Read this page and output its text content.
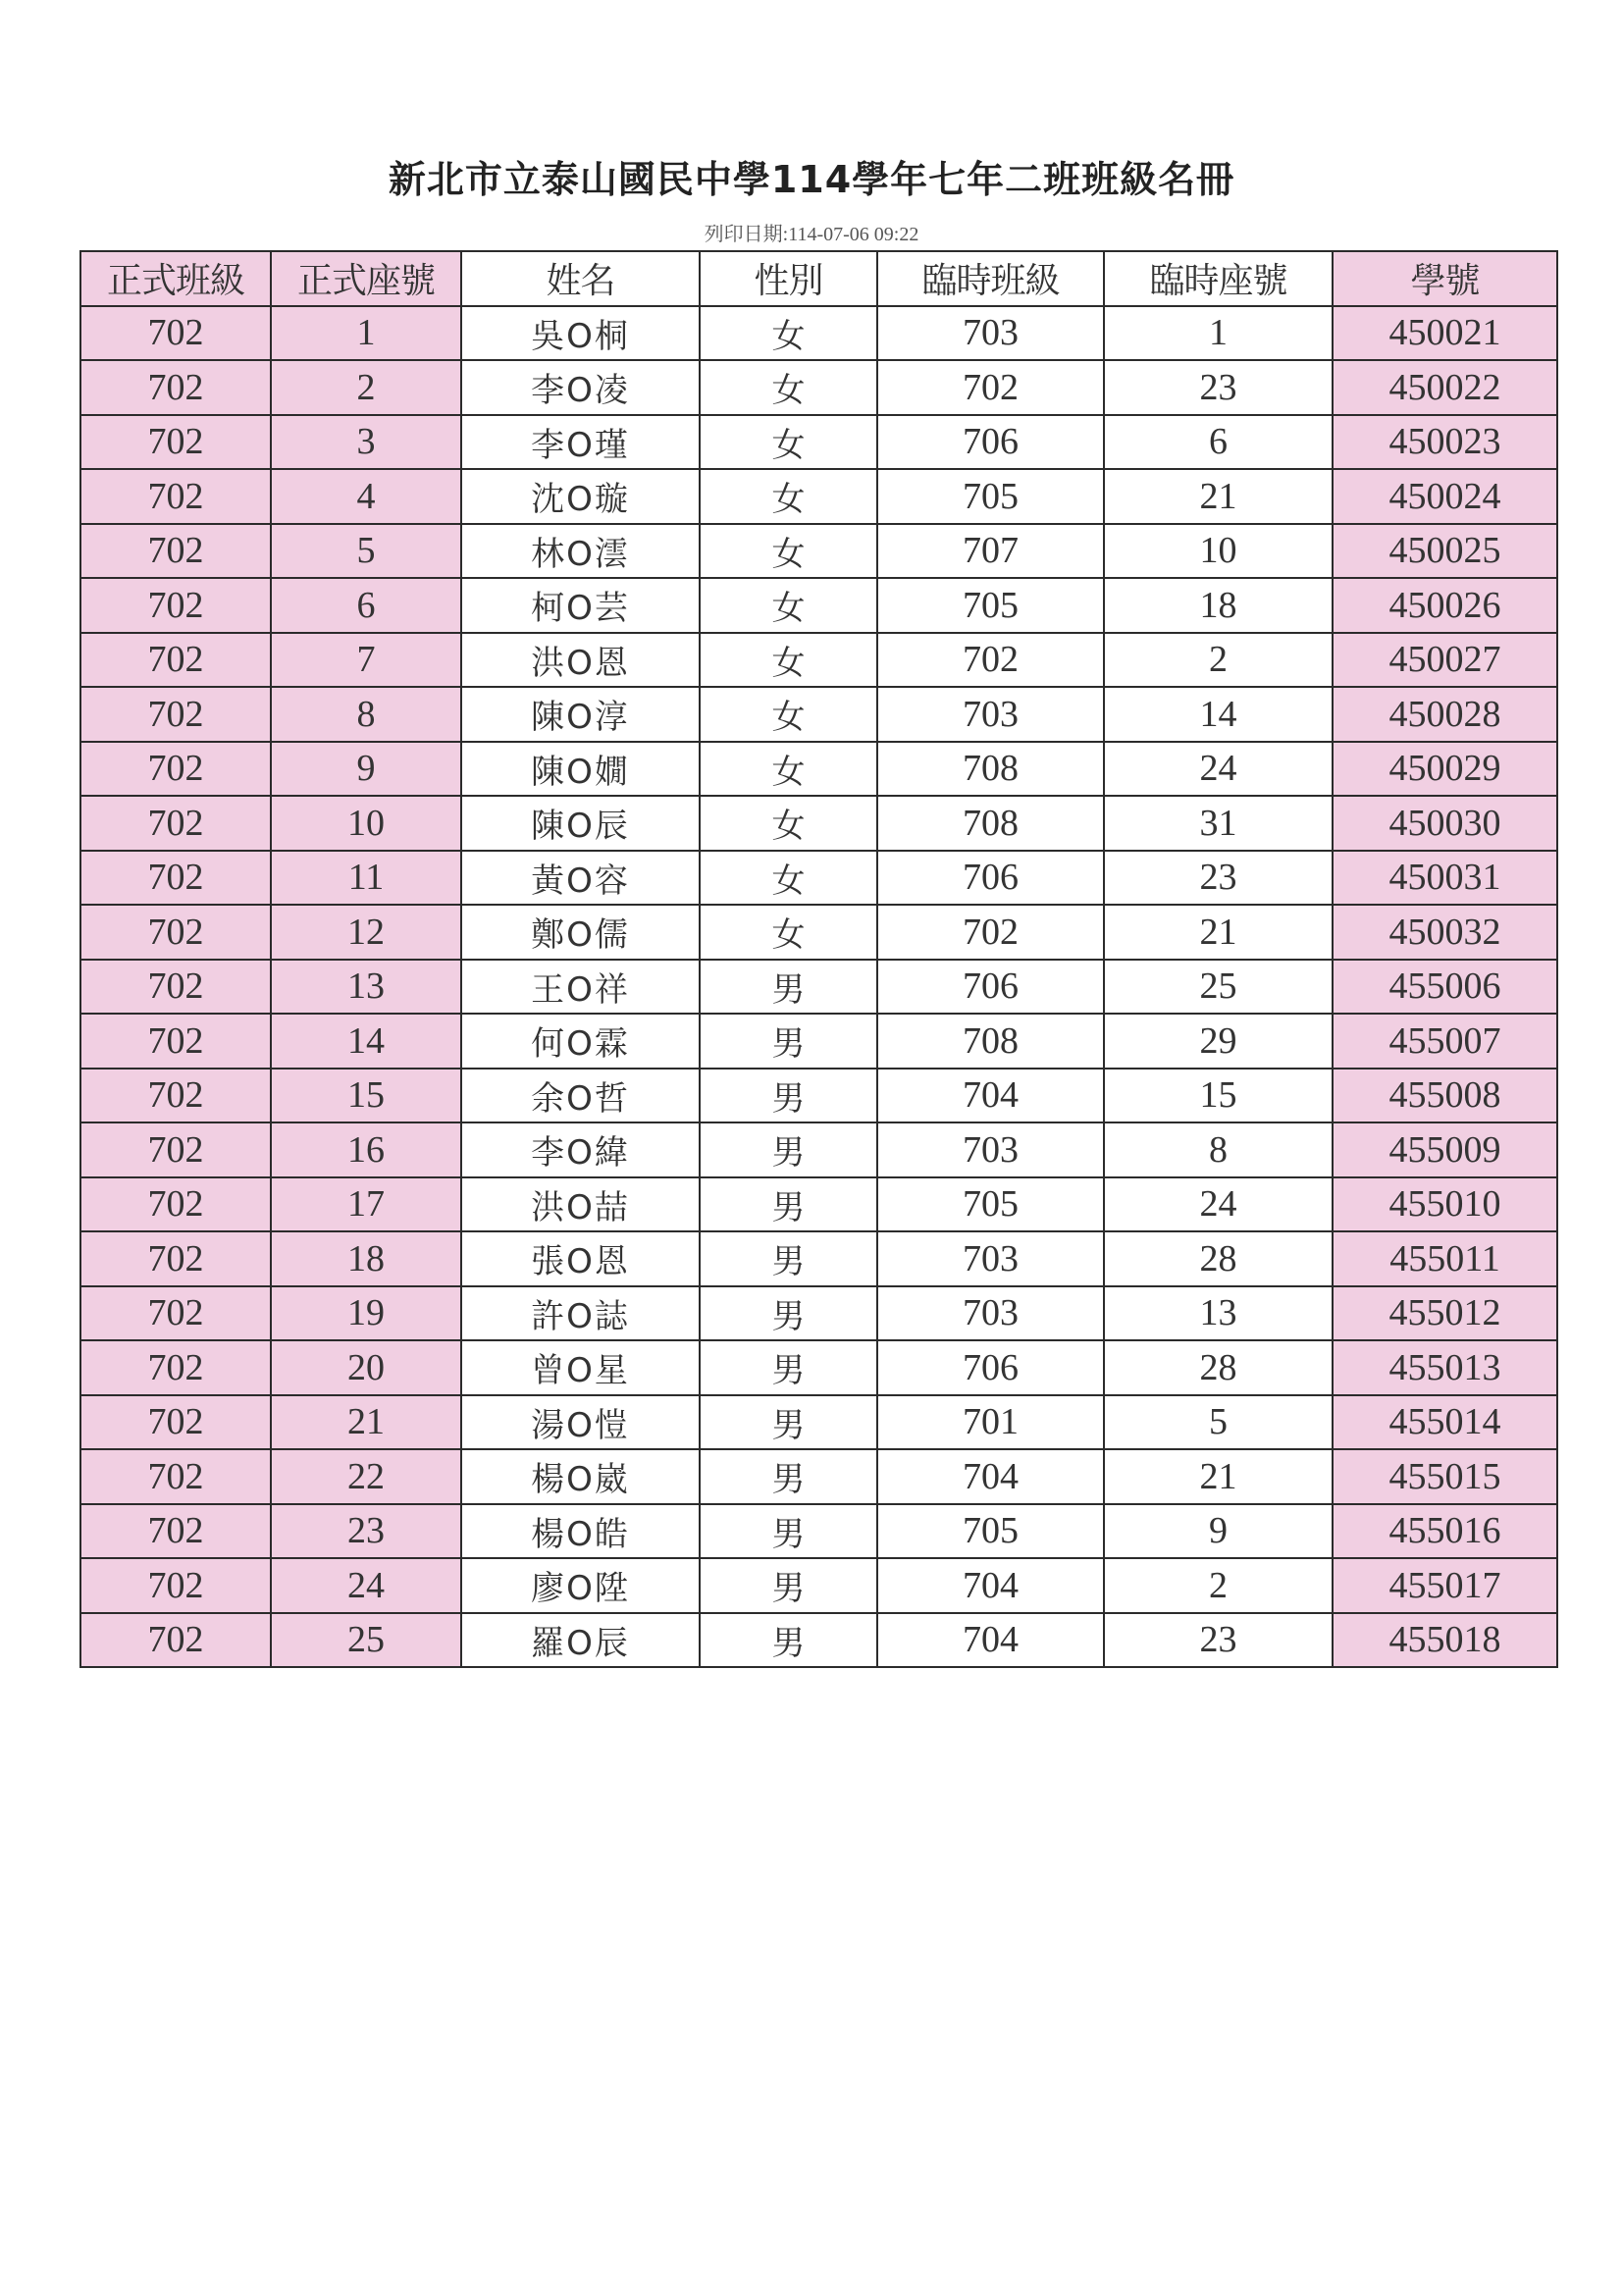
新北市立泰山國民中學114學年七年二班班級名冊
列印日期:114-07-06 09:22
正式班級	正式座號	姓名	性別	臨時班級	臨時座號	學號
702	1	吳O桐	女	703	1	450021
702	2	李O凌	女	702	23	450022
702	3	李O瑾	女	706	6	450023
702	4	沈O璇	女	705	21	450024
702	5	林O澐	女	707	10	450025
702	6	柯O芸	女	705	18	450026
702	7	洪O恩	女	702	2	450027
702	8	陳O淳	女	703	14	450028
702	9	陳O嫺	女	708	24	450029
702	10	陳O辰	女	708	31	450030
702	11	黃O容	女	706	23	450031
702	12	鄭O儒	女	702	21	450032
702	13	王O祥	男	706	25	455006
702	14	何O霖	男	708	29	455007
702	15	余O哲	男	704	15	455008
702	16	李O緯	男	703	8	455009
702	17	洪O喆	男	705	24	455010
702	18	張O恩	男	703	28	455011
702	19	許O誌	男	703	13	455012
702	20	曾O星	男	706	28	455013
702	21	湯O愷	男	701	5	455014
702	22	楊O崴	男	704	21	455015
702	23	楊O皓	男	705	9	455016
702	24	廖O陞	男	704	2	455017
702	25	羅O辰	男	704	23	455018
